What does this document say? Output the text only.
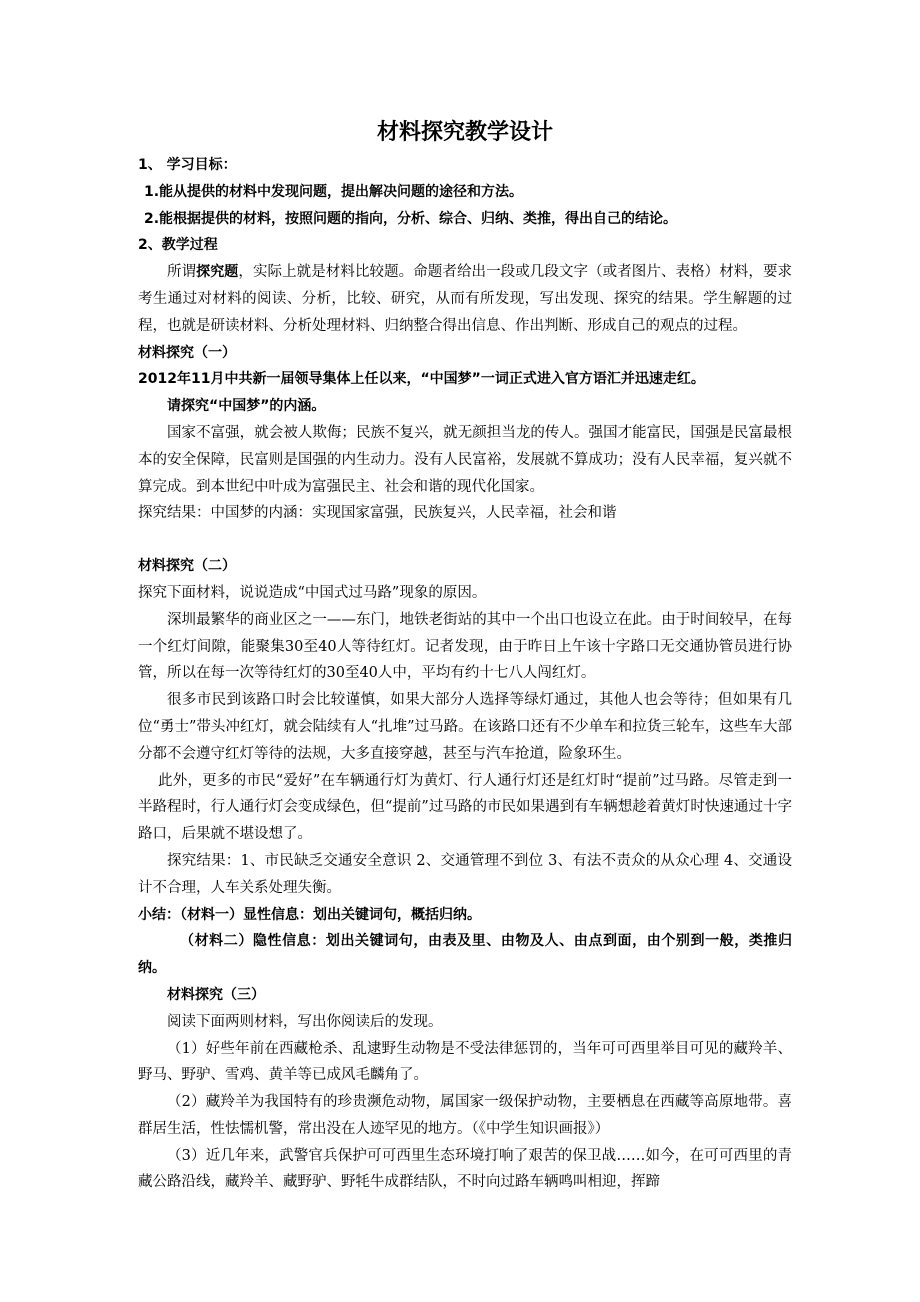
材料探究教学设计

1、 学习目标：

1.能从提供的材料中发现问题，提出解决问题的途径和方法。

2.能根据提供的材料，按照问题的指向，分析、综合、归纳、类推，得出自己的结论。

2、教学过程

所谓探究题，实际上就是材料比较题。命题者给出一段或几段文字（或者图片、表格）材料，要求考生通过对材料的阅读、分析，比较、研究，从而有所发现，写出发现、探究的结果。学生解题的过程，也就是研读材料、分析处理材料、归纳整合得出信息、作出判断、形成自己的观点的过程。

材料探究（一）

2012年11月中共新一届领导集体上任以来，“中国梦”一词正式进入官方语汇并迅速走红。

请探究“中国梦”的内涵。

国家不富强，就会被人欺侮；民族不复兴，就无颜担当龙的传人。强国才能富民，国强是民富最根本的安全保障，民富则是国强的内生动力。没有人民富裕，发展就不算成功；没有人民幸福，复兴就不算完成。到本世纪中叶成为富强民主、社会和谐的现代化国家。

探究结果：中国梦的内涵：实现国家富强，民族复兴，人民幸福，社会和谐

材料探究（二）

探究下面材料，说说造成“中国式过马路”现象的原因。

深圳最繁华的商业区之一——东门，地铁老街站的其中一个出口也设立在此。由于时间较早，在每一个红灯间隙，能聚集30至40人等待红灯。记者发现，由于昨日上午该十字路口无交通协管员进行协管，所以在每一次等待红灯的30至40人中，平均有约十七八人闯红灯。

很多市民到该路口时会比较谨慎，如果大部分人选择等绿灯通过，其他人也会等待；但如果有几位“勇士”带头冲红灯，就会陆续有人“扎堆”过马路。在该路口还有不少单车和拉货三轮车，这些车大部分都不会遵守红灯等待的法规，大多直接穿越，甚至与汽车抢道，险象环生。

此外，更多的市民“爱好”在车辆通行灯为黄灯、行人通行灯还是红灯时“提前”过马路。尽管走到一半路程时，行人通行灯会变成绿色，但“提前”过马路的市民如果遇到有车辆想趁着黄灯时快速通过十字路口，后果就不堪设想了。

探究结果：1、市民缺乏交通安全意识 2、交通管理不到位 3、有法不责众的从众心理 4、交通设计不合理，人车关系处理失衡。

小结：（材料一）显性信息：划出关键词句，概括归纳。

（材料二）隐性信息：划出关键词句，由表及里、由物及人、由点到面，由个别到一般，类推归纳。

材料探究（三）

阅读下面两则材料，写出你阅读后的发现。

（1）好些年前在西藏枪杀、乱逮野生动物是不受法律惩罚的，当年可可西里举目可见的藏羚羊、野马、野驴、雪鸡、黄羊等已成风毛麟角了。

（2）藏羚羊为我国特有的珍贵濒危动物，属国家一级保护动物，主要栖息在西藏等高原地带。喜群居生活，性怯懦机警，常出没在人迹罕见的地方。（《中学生知识画报》）

（3）近几年来，武警官兵保护可可西里生态环境打响了艰苦的保卫战……如今，在可可西里的青藏公路沿线，藏羚羊、藏野驴、野牦牛成群结队，不时向过路车辆鸣叫相迎，挥蹄
